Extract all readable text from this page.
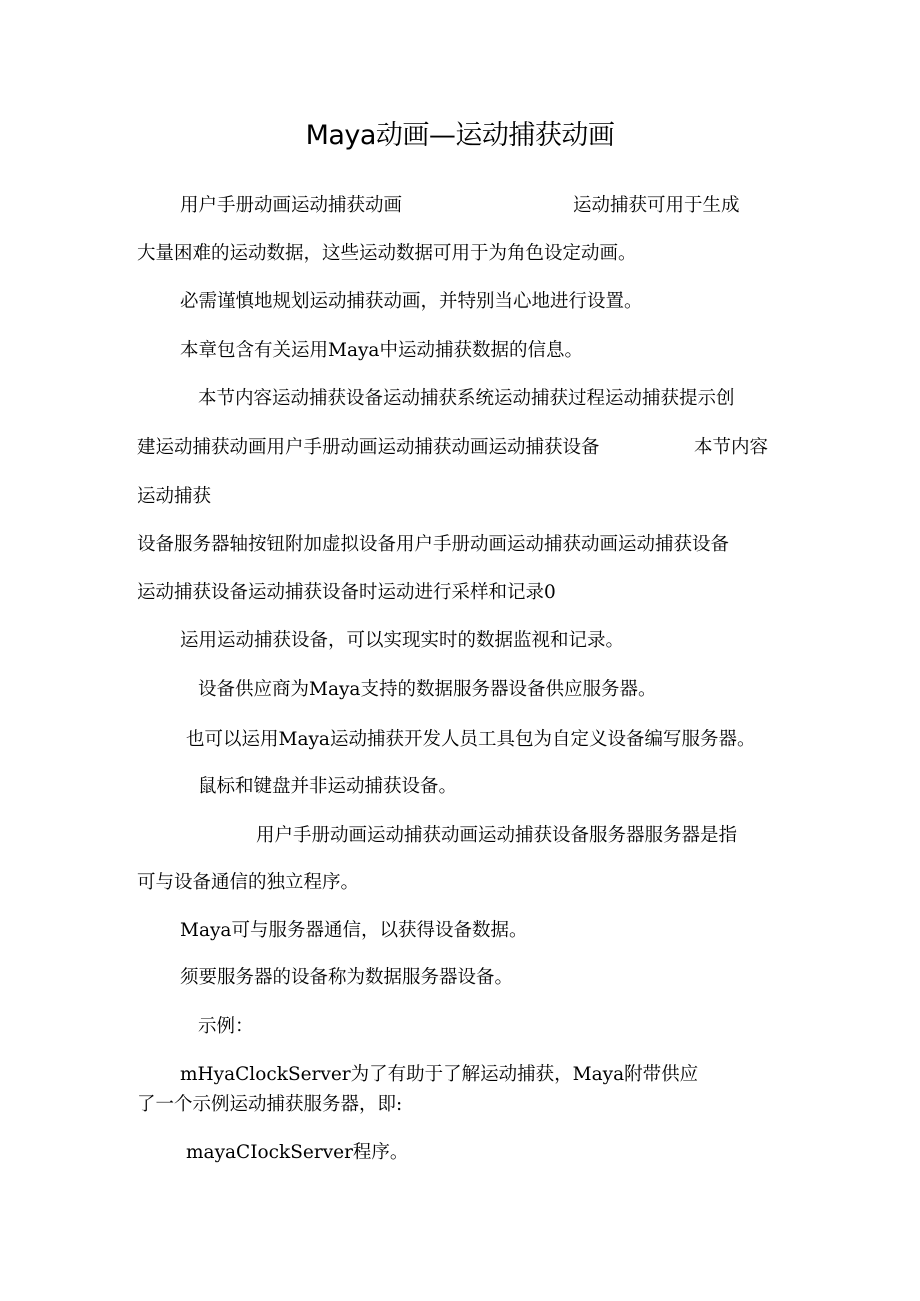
Maya动画—运动捕获动画
用户手册动画运动捕获动画	运动捕获可用于生成
大量困难的运动数据，这些运动数据可用于为角色设定动画。
必需谨慎地规划运动捕获动画，并特别当心地进行设置。
本章包含有关运用Maya中运动捕获数据的信息。
本节内容运动捕获设备运动捕获系统运动捕获过程运动捕获提示创
建运动捕获动画用户手册动画运动捕获动画运动捕获设备	本节内容
运动捕获
设备服务器轴按钮附加虚拟设备用户手册动画运动捕获动画运动捕获设备
运动捕获设备运动捕获设备时运动进行采样和记录0
运用运动捕获设备，可以实现实时的数据监视和记录。
设备供应商为Maya支持的数据服务器设备供应服务器。
也可以运用Maya运动捕获开发人员工具包为自定义设备编写服务器。
鼠标和键盘并非运动捕获设备。
用户手册动画运动捕获动画运动捕获设备服务器服务器是指
可与设备通信的独立程序。
Maya可与服务器通信，以获得设备数据。
须要服务器的设备称为数据服务器设备。
示例：
mHyaClockServer为了有助于了解运动捕获，Maya附带供应
了一个示例运动捕获服务器，即:
mayaCIockServer程序。
